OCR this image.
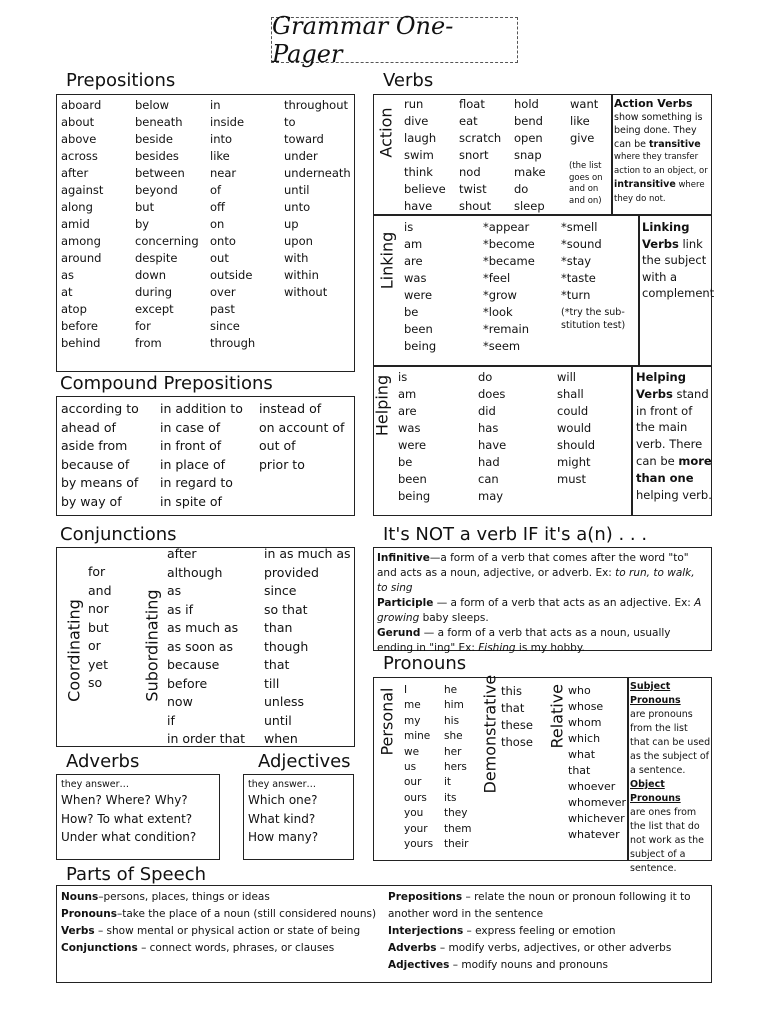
Grammar One-Pager
Prepositions
aboard
about
above
across
after
against
along
amid
among
around
as
at
atop
before
behind
below
beneath
beside
besides
between
beyond
but
by
concerning
despite
down
during
except
for
from
in
inside
into
like
near
of
off
on
onto
out
outside
over
past
since
through
throughout
to
toward
under
underneath
until
unto
up
upon
with
within
without
Compound Prepositions
according to
ahead of
aside from
because of
by means of
by way of
in addition to
in case of
in front of
in place of
in regard to
in spite of
instead of
on account of
out of
prior to
Verbs
Action
run
dive
laugh
swim
think
believe
have
float
eat
scratch
snort
nod
twist
shout
hold
bend
open
snap
make
do
sleep
want
like
give
(the list goes on and on and on)
Action Verbs
show something is
being done. They
can be transitive
where they transfer
action to an object, or
intransitive where
they do not.
Linking
is
am
are
was
were
be
been
being
*appear
*become
*became
*feel
*grow
*look
*remain
*seem
*smell
*sound
*stay
*taste
*turn
(*try the sub-
stitution test)
Linking
Verbs link
the subject
with a
complement
Helping is
am
are
was
were
be
been
being
do
does
did
has
have
had
can
may
will
shall
could
would
should
might
must
Helping
Verbs stand
in front of
the main
verb. There
can be more
than one
helping verb.
Conjunctions
Coordinating
for
and
nor
but
or
yet
so	Subordinating
after
although
as
as if
as much as
as soon as
because
before
now
if
in order that
in as much as
provided
since
so that
than
though
that
till
unless
until
when
It's NOT a verb IF it's a(n) . . .
Infinitive—a form of a verb that comes after the word "to" and acts as a noun, adjective, or adverb. Ex: to run, to walk, to sing
Participle — a form of a verb that acts as an adjective. Ex: A growing baby sleeps.
Gerund — a form of a verb that acts as a noun, usually ending in "ing" Ex: Fishing is my hobby.
Pronouns
Personal I
me
my
mine
we
us
our
ours
you
your
yours
he
him
his
she
her
hers
it
its
they
them
their
Demonstrative this
that
these
those Relative who
whose
whom
which
what
that
whoever
whomever
whichever
whatever
Subject Pronouns
are pronouns
from the list
that can be used
as the subject of
a sentence.
Object Pronouns
are ones from
the list that do
not work as the
subject of a
sentence.
Adverbs
they answer…
When? Where? Why?
How? To what extent?
Under what condition?
Adjectives
they answer…
Which one?
What kind?
How many?
Parts of Speech
Nouns–persons, places, things or ideas
Pronouns–take the place of a noun (still considered nouns)
Verbs – show mental or physical action or state of being
Conjunctions – connect words, phrases, or clauses
Prepositions – relate the noun or pronoun following it to
another word in the sentence
Interjections – express feeling or emotion
Adverbs – modify verbs, adjectives, or other adverbs
Adjectives – modify nouns and pronouns
